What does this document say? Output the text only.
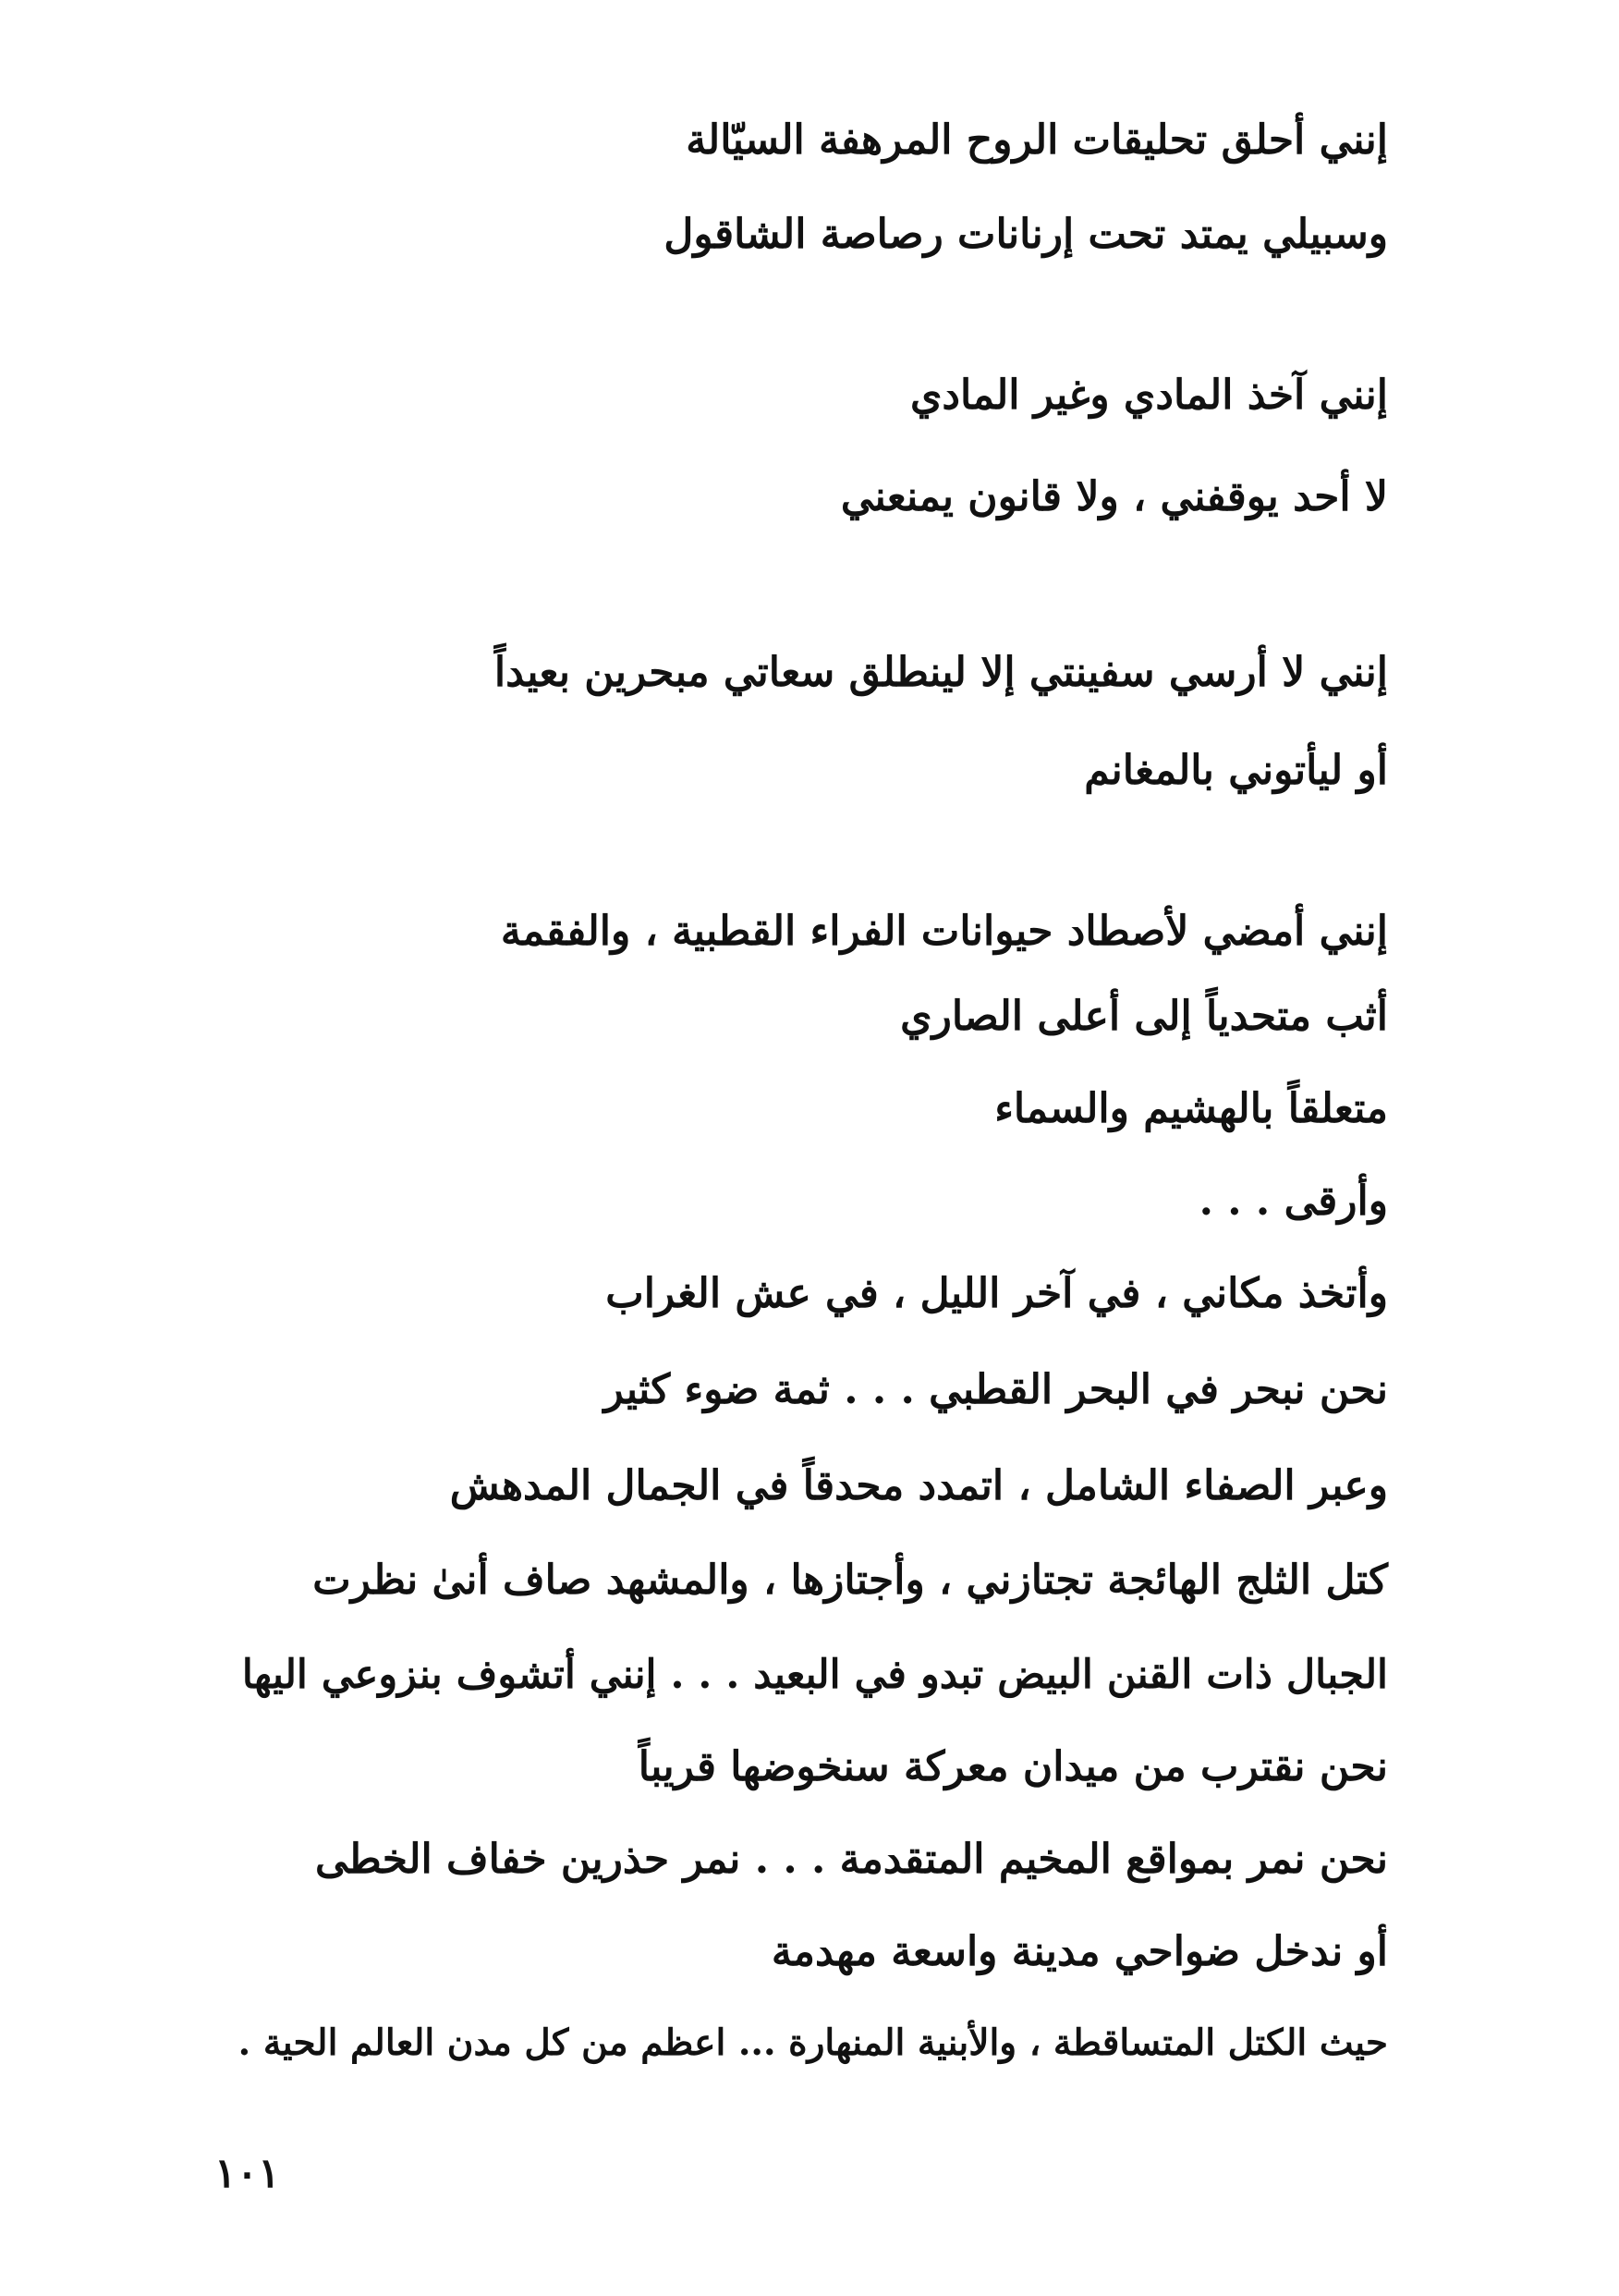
إنني أحلق تحليقات الروح المرهفة السيّالة
وسبيلي يمتد تحت إرنانات رصاصة الشاقول
إنني آخذ المادي وغير المادي
لا أحد يوقفني ، ولا قانون يمنعني
إنني لا أرسي سفينتي إلا لينطلق سعاتي مبحرين بعيداً
أو ليأتوني بالمغانم
إنني أمضي لأصطاد حيوانات الفراء القطبية ، والفقمة
أثب متحدياً إلى أعلى الصاري
متعلقاً بالهشيم والسماء
وأرقى . . .
وأتخذ مكاني ، في آخر الليل ، في عش الغراب
نحن نبحر في البحر القطبي . . . ثمة ضوء كثير
وعبر الصفاء الشامل ، اتمدد محدقاً في الجمال المدهش
كتل الثلج الهائجة تجتازني ، وأجتازها ، والمشهد صاف أنىٰ نظرت
الجبال ذات القنن البيض تبدو في البعيد . . . إنني أتشوف بنزوعي اليها
نحن نقترب من ميدان معركة سنخوضها قريباً
نحن نمر بمواقع المخيم المتقدمة . . . نمر حذرين خفاف الخطى
أو ندخل ضواحي مدينة واسعة مهدمة
حيث الكتل المتساقطة ، والأبنية المنهارة ... اعظم من كل مدن العالم الحية .
١٠١
